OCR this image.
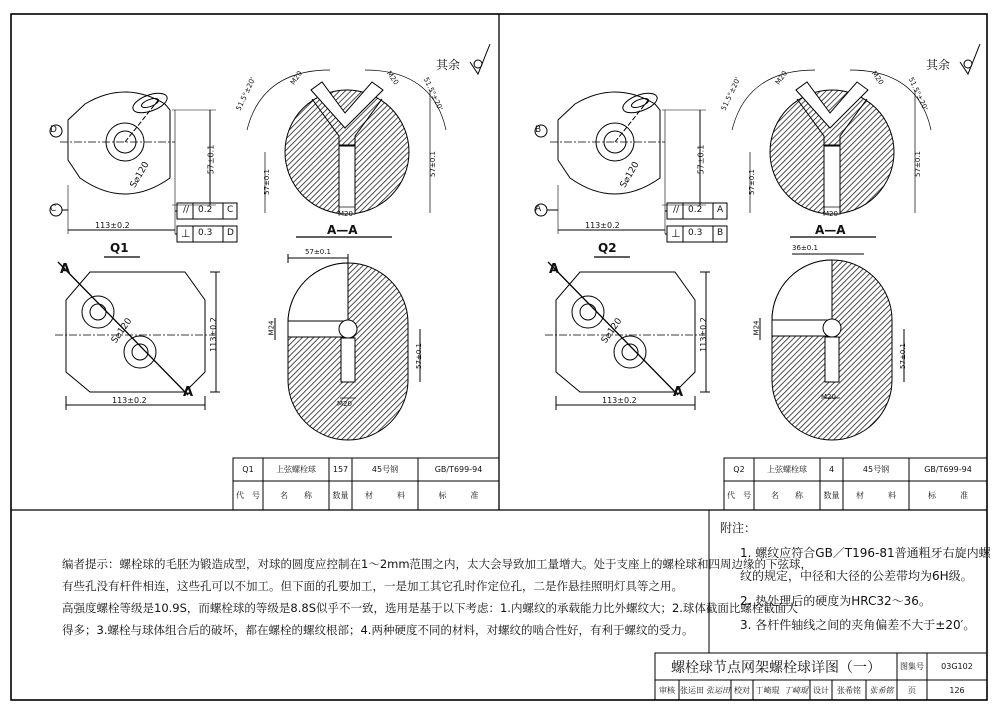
D
C
S⌀120
113±0.2
57±0.1
Q1
A—A
// 0.2 C
⊥ 0.3 D
51.5°±20'	51.5°±20'
M20	M20
M20
57±0.1
57±0.1
57±0.1
M24
M20
57±0.1
S⌀120
113±0.2
113±0.2
A
A
其余
B
A
S⌀120
113±0.2
57±0.1
Q2
A—A
// 0.2 A
⊥ 0.3 B
51.5°±20'	51.5°±20'
M20	M20
M20
57±0.1
57±0.1
36±0.1
M24
M20
57±0.1
S⌀120
113±0.2
113±0.2
A
A
其余
Q1	上弦螺栓球	157	45号钢	GB/T699-94
代　号	名　　称	数量	材　　　料	标　　　准
Q2	上弦螺栓球	4	45号钢	GB/T699-94
代　号	名　　称	数量	材　　　料	标　　　准
编者提示：螺栓球的毛胚为锻造成型，对球的圆度应控制在1～2mm范围之内，太大会导致加工量增大。处于支座上的螺栓球和四周边缘的下弦球，
有些孔没有杆件相连，这些孔可以不加工。但下面的孔要加工，一是加工其它孔时作定位孔，二是作悬挂照明灯具等之用。
高强度螺栓等级是10.9S，而螺栓球的等级是8.8S似乎不一致，选用是基于以下考虑：1.内螺纹的承载能力比外螺纹大；2.球体截面比螺栓截面大
得多；3.螺栓与球体组合后的破坏，都在螺栓的螺纹根部；4.两种硬度不同的材料，对螺纹的啮合性好，有利于螺纹的受力。
附注：
1. 螺纹应符合GB／T196-81普通粗牙右旋内螺
纹的规定，中径和大径的公差带均为6H级。
2. 热处理后的硬度为HRC32～36。
3. 各杆件轴线之间的夹角偏差不大于±20′。
螺栓球节点网架螺栓球详图（一）	图集号	03G102
页	126
审核 张运田 张运田 校对 丁崎琨 丁崎琨 设计	张希铭	张希铭
